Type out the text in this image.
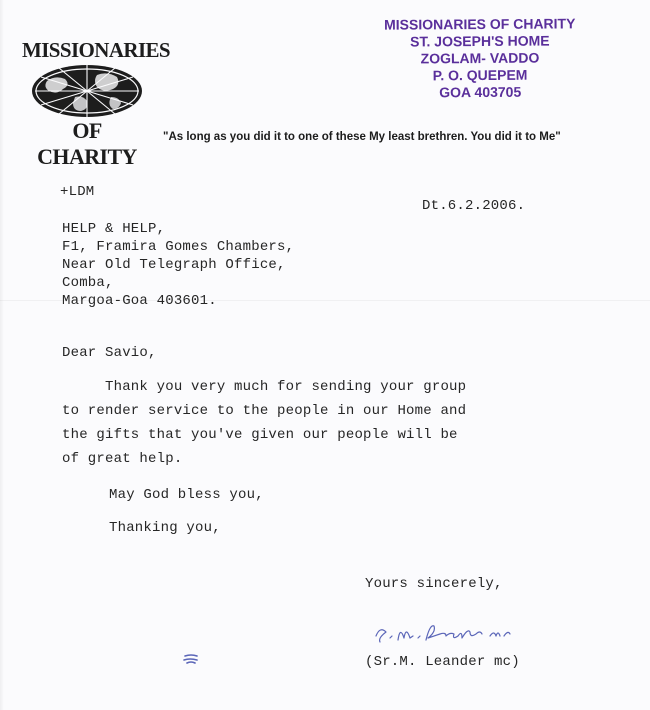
MISSIONARIES
OF CHARITY
"As long as you did it to one of these My least brethren. You did it to Me"
MISSIONARIES OF CHARITY
ST. JOSEPH'S HOME
ZOGLAM- VADDO
P. O. QUEPEM
GOA 403705
+LDM
Dt.6.2.2006.
HELP & HELP,
F1, Framira Gomes Chambers,
Near Old Telegraph Office,
Comba,
Margoa-Goa 403601.
Dear Savio,
Thank you very much for sending your group
to render service to the people in our Home and
the gifts that you've given our people will be
of great help.
May God bless you,
Thanking you,
Yours sincerely,
(Sr.M. Leander mc)
